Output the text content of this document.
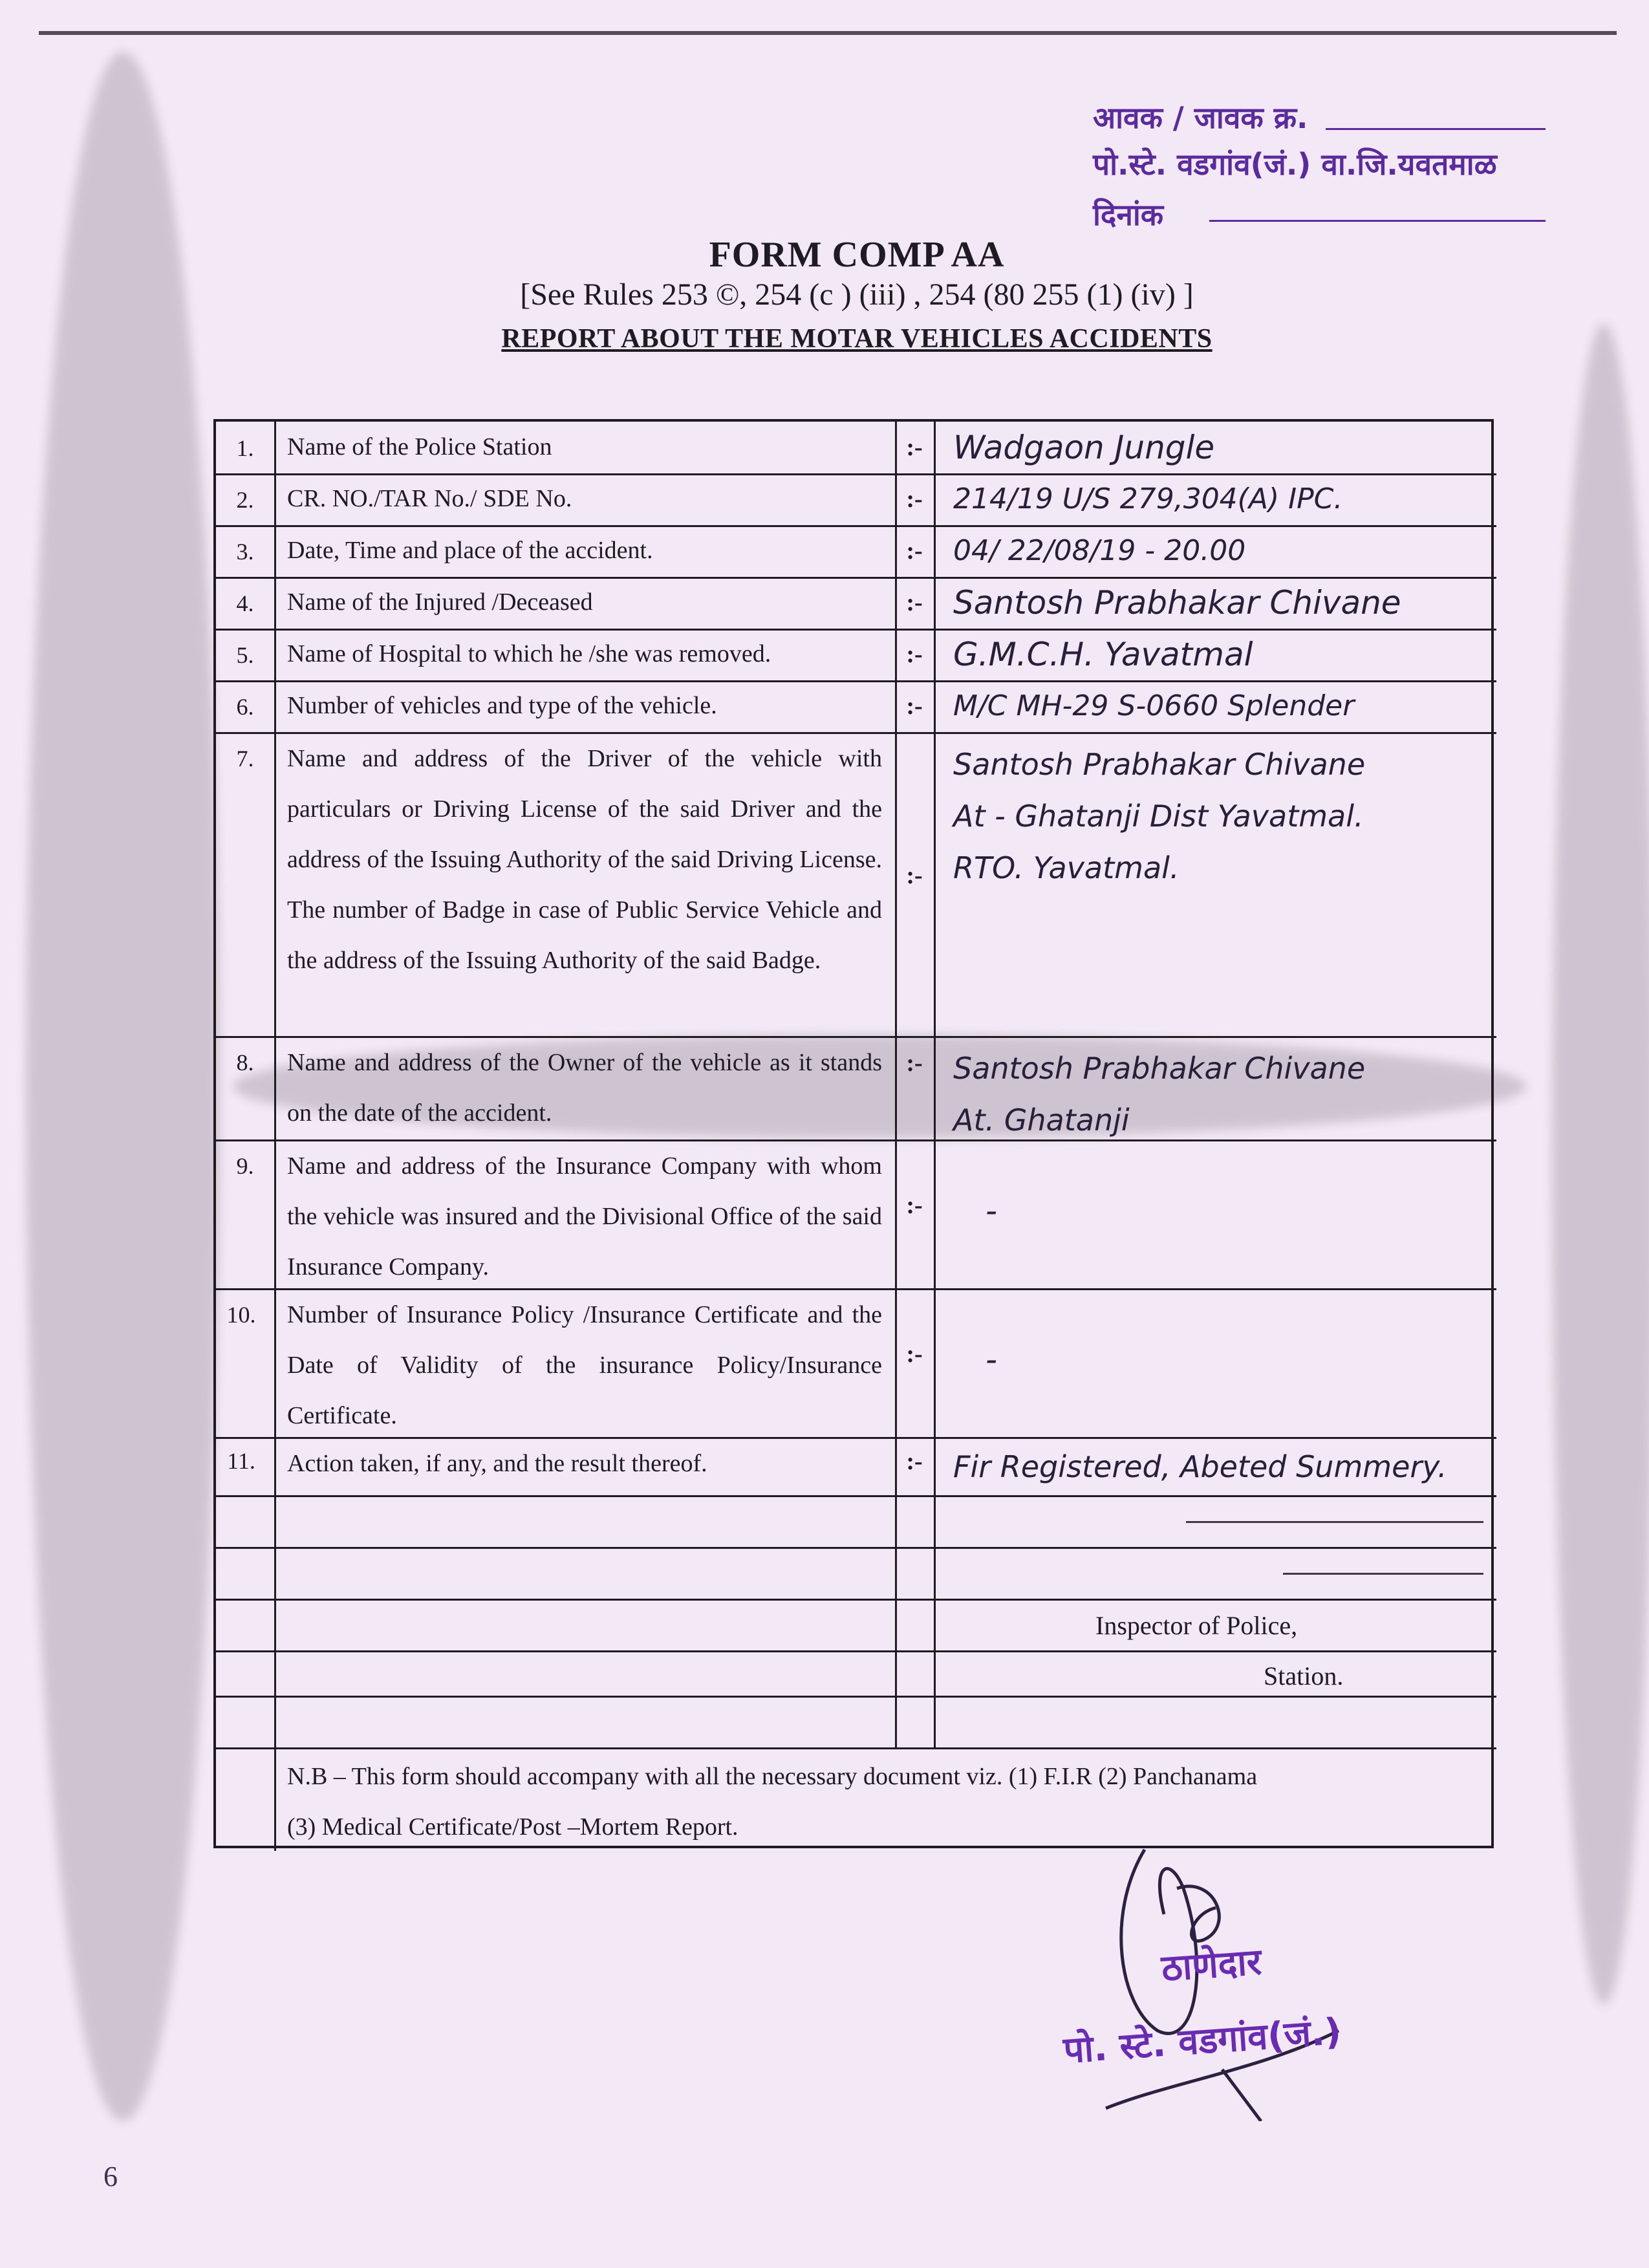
आवक / जावक क्र.
पो.स्टे. वडगांव(जं.) वा.जि.यवतमाळ
दिनांक
FORM COMP AA
[See Rules 253 ©, 254 (c ) (iii) , 254 (80 255 (1) (iv) ]
REPORT ABOUT THE MOTAR VEHICLES ACCIDENTS
1.	Name of the Police Station	:- Wadgaon Jungle
2.	CR. NO./TAR No./ SDE No.	:-	214/19 U/S 279,304(A) IPC.
3.	Date, Time and place of the accident.	:-	04/ 22/08/19 - 20.00
4.	Name of the Injured /Deceased	:- Santosh Prabhakar Chivane
5.	Name of Hospital to which he /she was removed.	:- G.M.C.H. Yavatmal
6.	Number of vehicles and type of the vehicle.	:-	M/C MH-29 S-0660 Splender
7.	Name and address of the Driver of the vehicle with particulars or Driving License of the said Driver and the address of the Issuing Authority of the said Driving License. The number of Badge in case of Public Service Vehicle and the address of the Issuing Authority of the said Badge.
:-
Santosh Prabhakar Chivane
At - Ghatanji Dist Yavatmal.
RTO. Yavatmal.
8.	Name and address of the Owner of the vehicle as it stands on the date of the accident.
:-	Santosh Prabhakar Chivane
At. Ghatanji
9.	Name and address of the Insurance Company with whom the vehicle was insured and the Divisional Office of the said Insurance Company.
:-	-
10.	Number of Insurance Policy /Insurance Certificate and the Date of Validity of the insurance Policy/Insurance Certificate.
:-	-
11.	Action taken, if any, and the result thereof.	:-	Fir Registered, Abeted Summery.
Inspector of Police,
Station.
N.B – This form should accompany with all the necessary document viz. (1) F.I.R (2) Panchanama
(3) Medical Certificate/Post –Mortem Report.
ठाणेदार
पो. स्टे. वडगांव(जं.)
6
